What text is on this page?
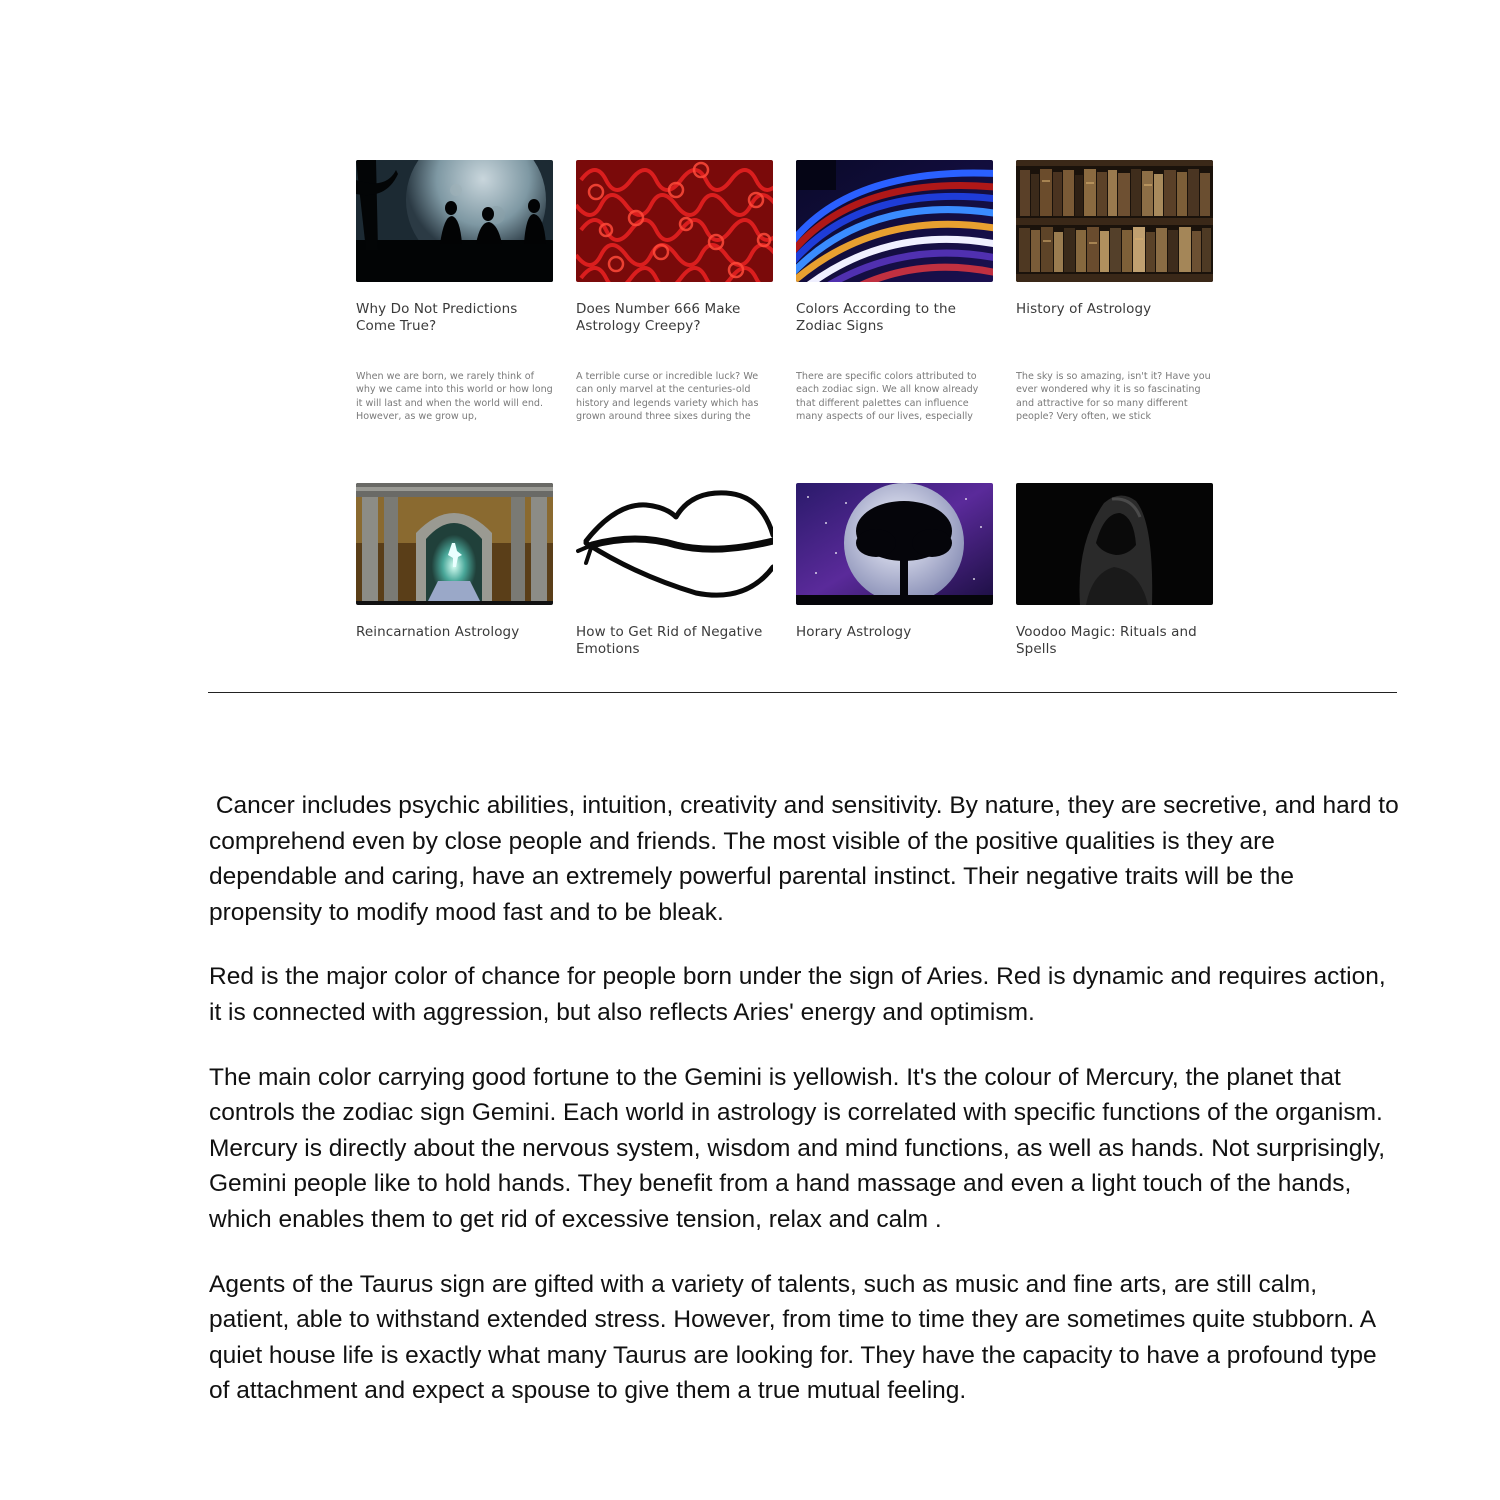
Why Do Not Predictions Come True?
When we are born, we rarely think of why we came into this world or how long it will last and when the world will end. However, as we grow up,
Does Number 666 Make Astrology Creepy?
A terrible curse or incredible luck? We can only marvel at the centuries-old history and legends variety which has grown around three sixes during the
Colors According to the Zodiac Signs
There are specific colors attributed to each zodiac sign. We all know already that different palettes can influence many aspects of our lives, especially
History of Astrology
The sky is so amazing, isn't it? Have you ever wondered why it is so fascinating and attractive for so many different people? Very often, we stick
Reincarnation Astrology	How to Get Rid of Negative Emotions
Horary Astrology	Voodoo Magic: Rituals and Spells

Cancer includes psychic abilities, intuition, creativity and sensitivity. By nature, they are secretive, and hard to comprehend even by close people and friends. The most visible of the positive qualities is they are dependable and caring, have an extremely powerful parental instinct. Their negative traits will be the propensity to modify mood fast and to be bleak.

Red is the major color of chance for people born under the sign of Aries. Red is dynamic and requires action, it is connected with aggression, but also reflects Aries' energy and optimism.

The main color carrying good fortune to the Gemini is yellowish. It's the colour of Mercury, the planet that controls the zodiac sign Gemini. Each world in astrology is correlated with specific functions of the organism. Mercury is directly about the nervous system, wisdom and mind functions, as well as hands. Not surprisingly, Gemini people like to hold hands. They benefit from a hand massage and even a light touch of the hands, which enables them to get rid of excessive tension, relax and calm .

Agents of the Taurus sign are gifted with a variety of talents, such as music and fine arts, are still calm, patient, able to withstand extended stress. However, from time to time they are sometimes quite stubborn. A quiet house life is exactly what many Taurus are looking for. They have the capacity to have a profound type of attachment and expect a spouse to give them a true mutual feeling.
